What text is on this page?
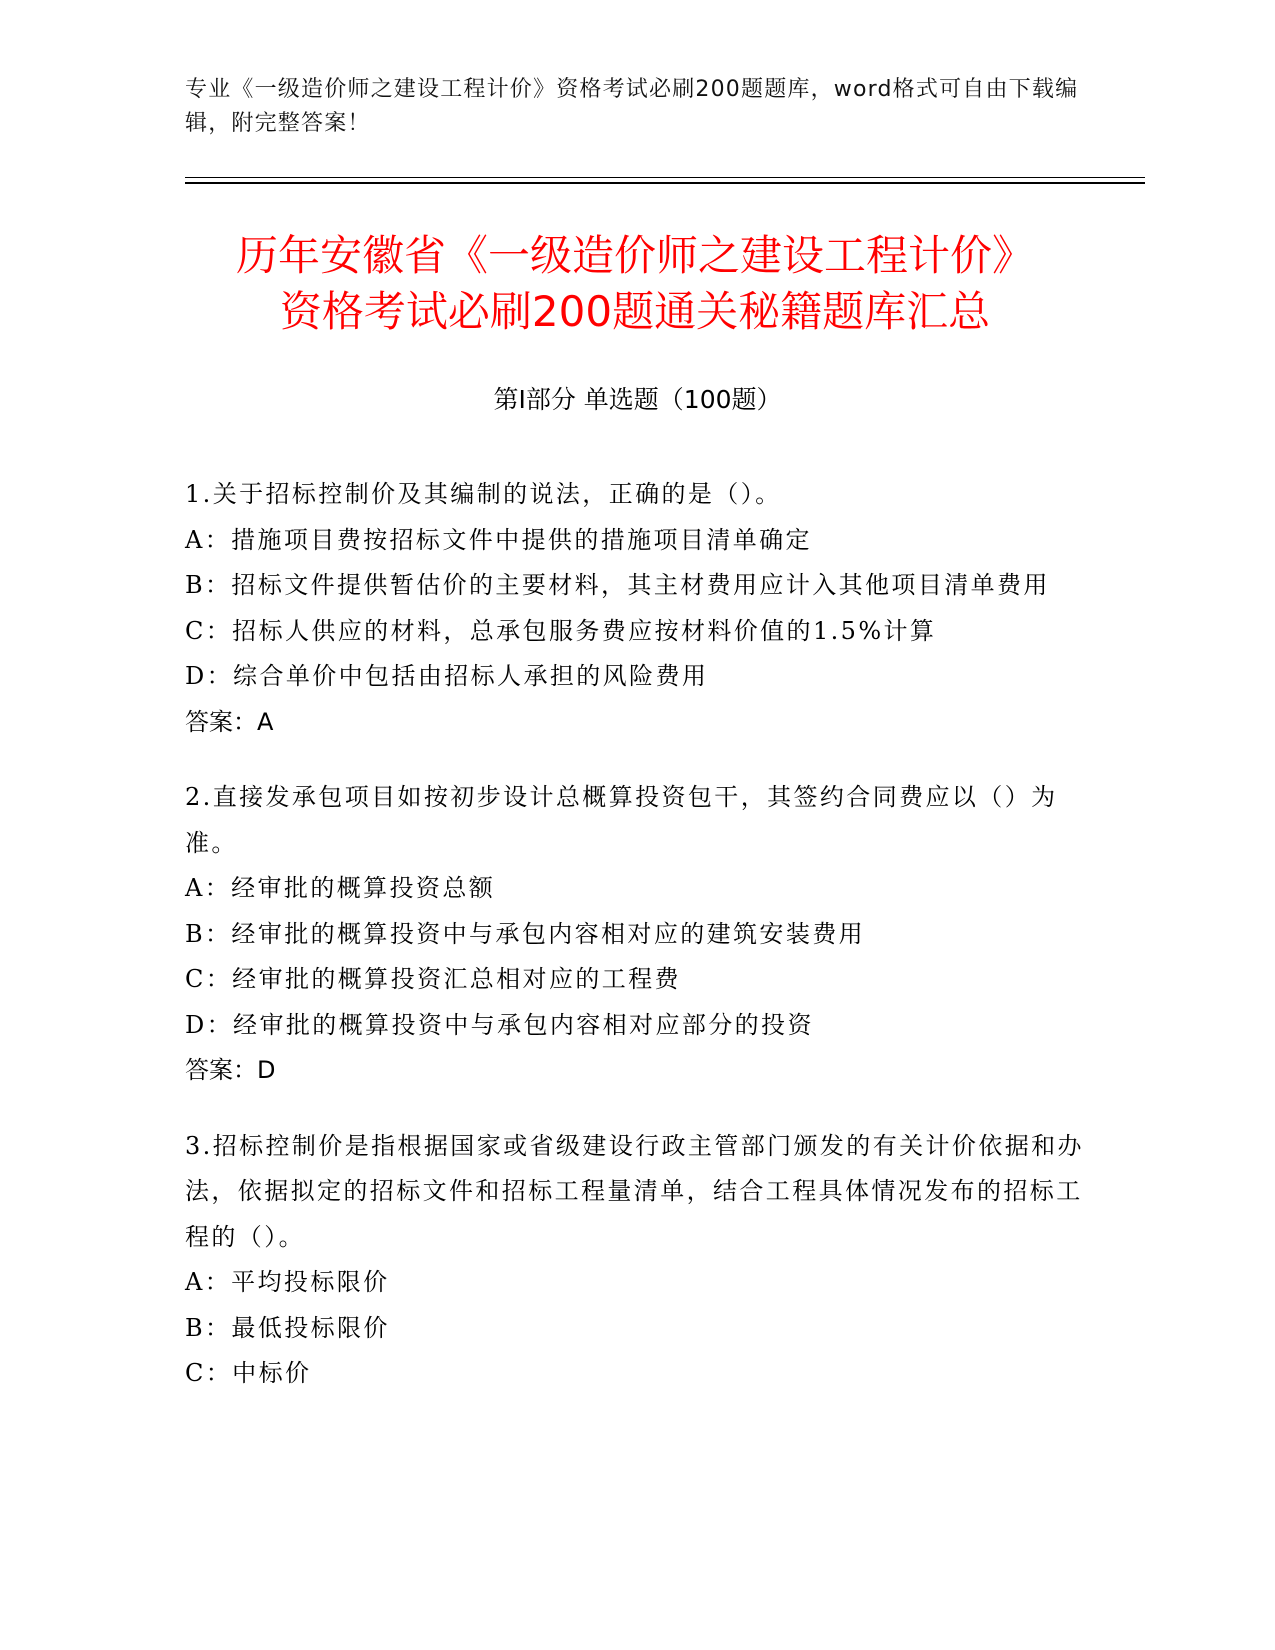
专业《一级造价师之建设工程计价》资格考试必刷200题题库，word格式可自由下载编辑，附完整答案！
历年安徽省《一级造价师之建设工程计价》
资格考试必刷200题通关秘籍题库汇总
第I部分 单选题（100题）

1.关于招标控制价及其编制的说法，正确的是（）。

A：措施项目费按招标文件中提供的措施项目清单确定

B：招标文件提供暂估价的主要材料，其主材费用应计入其他项目清单费用

C：招标人供应的材料，总承包服务费应按材料价值的1.5%计算

D：综合单价中包括由招标人承担的风险费用

答案：A

2.直接发承包项目如按初步设计总概算投资包干，其签约合同费应以（）为准。

A：经审批的概算投资总额

B：经审批的概算投资中与承包内容相对应的建筑安装费用

C：经审批的概算投资汇总相对应的工程费

D：经审批的概算投资中与承包内容相对应部分的投资

答案：D

3.招标控制价是指根据国家或省级建设行政主管部门颁发的有关计价依据和办法，依据拟定的招标文件和招标工程量清单，结合工程具体情况发布的招标工程的（）。

A：平均投标限价

B：最低投标限价

C：中标价
